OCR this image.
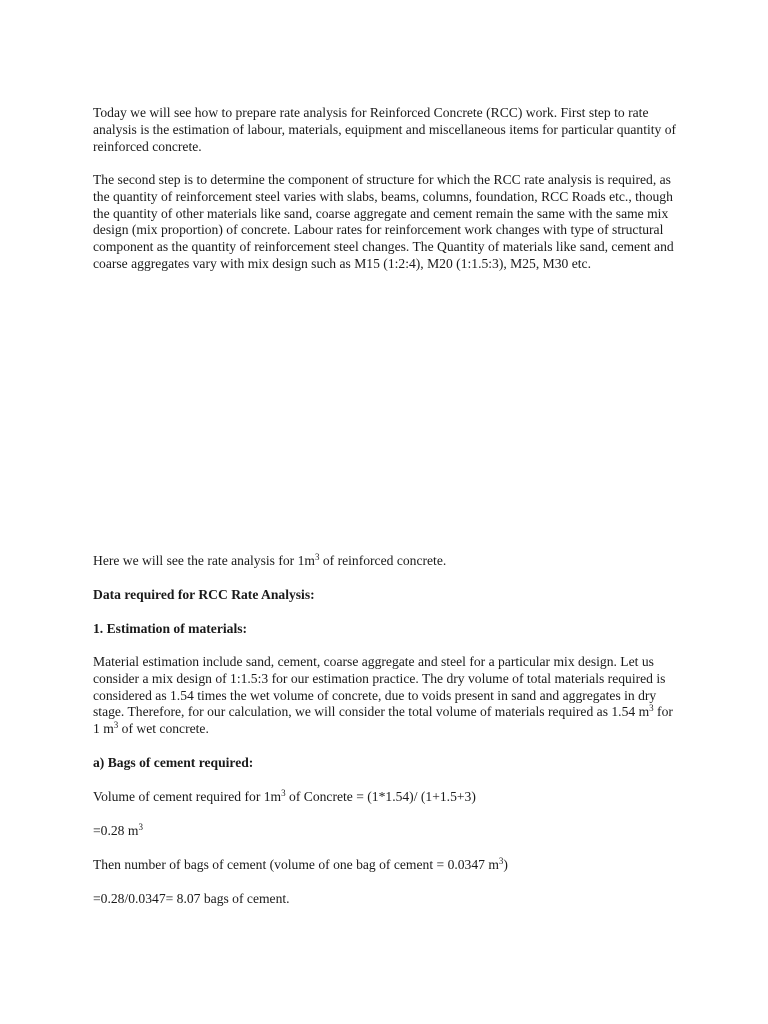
Today we will see how to prepare rate analysis for Reinforced Concrete (RCC) work. First step to rate analysis is the estimation of labour, materials, equipment and miscellaneous items for particular quantity of reinforced concrete.

The second step is to determine the component of structure for which the RCC rate analysis is required, as the quantity of reinforcement steel varies with slabs, beams, columns, foundation, RCC Roads etc., though the quantity of other materials like sand, coarse aggregate and cement remain the same with the same mix design (mix proportion) of concrete. Labour rates for reinforcement work changes with type of structural component as the quantity of reinforcement steel changes. The Quantity of materials like sand, cement and coarse aggregates vary with mix design such as M15 (1:2:4), M20 (1:1.5:3), M25, M30 etc.

Here we will see the rate analysis for $1m^3$ of reinforced concrete.

Data required for RCC Rate Analysis:

1. Estimation of materials:

Material estimation include sand, cement, coarse aggregate and steel for a particular mix design. Let us consider a mix design of 1:1.5:3 for our estimation practice. The dry volume of total materials required is considered as 1.54 times the wet volume of concrete, due to voids present in sand and aggregates in dry stage. Therefore, for our calculation, we will consider the total volume of materials required as 1.54 $m^3$ for 1 $m^3$ of wet concrete.

a) Bags of cement required:

Volume of cement required for $1m^3$ of Concrete = (1*1.54)/ (1+1.5+3)

=0.28 $m^3$

Then number of bags of cement (volume of one bag of cement = 0.0347 $m^3$)

=0.28/0.0347= 8.07 bags of cement.
